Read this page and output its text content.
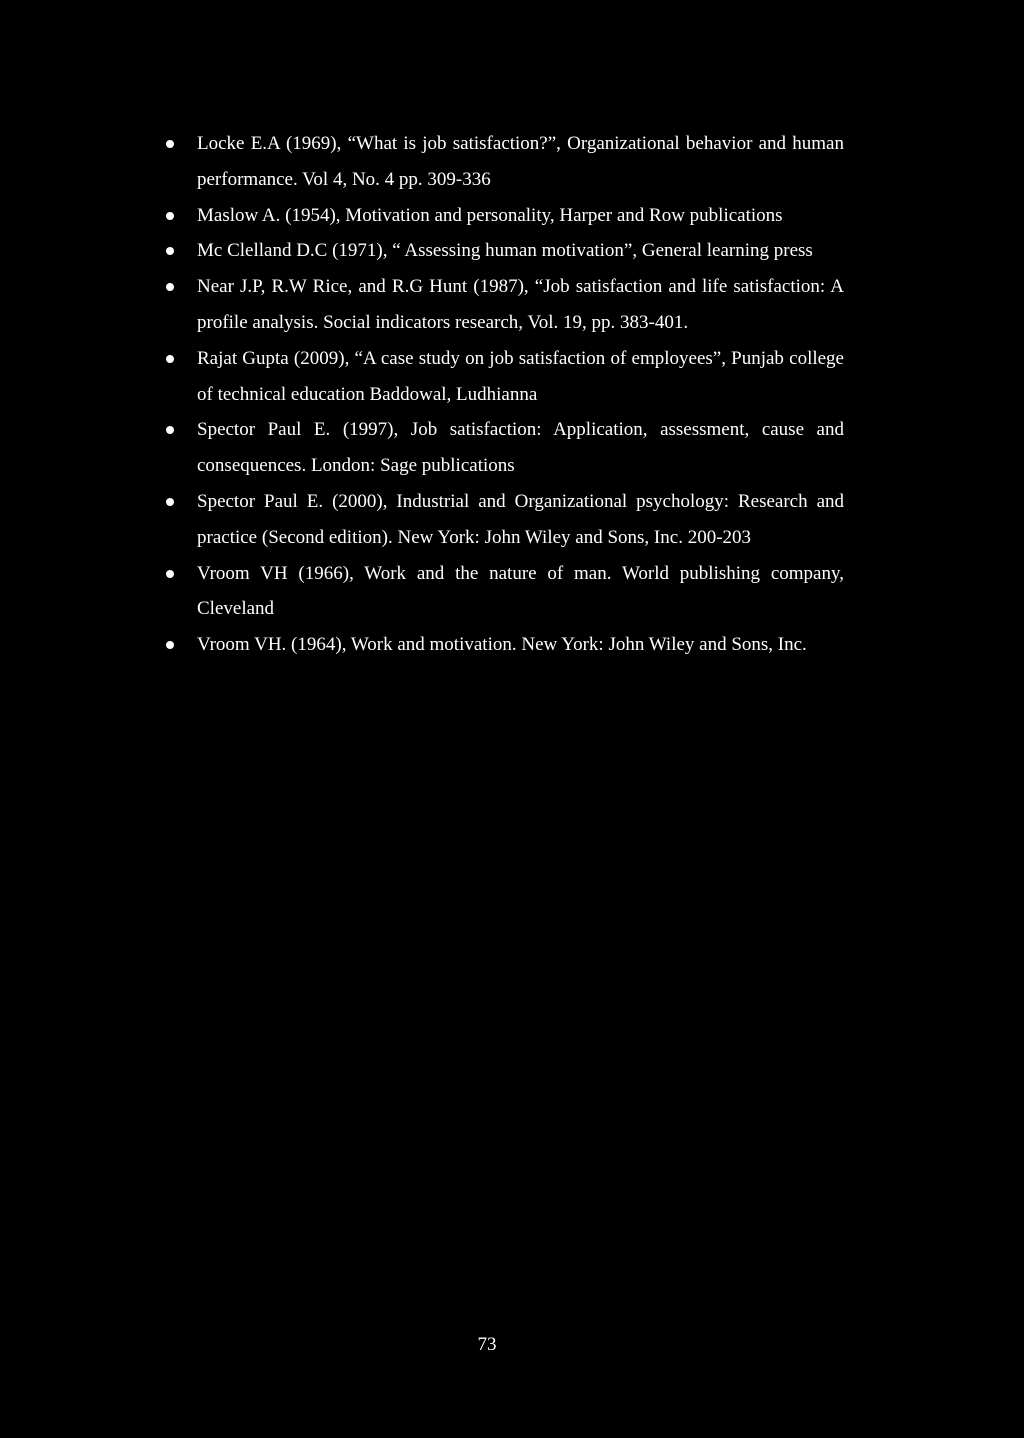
Locke E.A (1969), “What is job satisfaction?”, Organizational behavior and human performance. Vol 4, No. 4 pp. 309-336
Maslow A. (1954), Motivation and personality, Harper and Row publications
Mc Clelland D.C (1971), “ Assessing human motivation”, General learning press
Near J.P, R.W Rice, and R.G Hunt (1987), “Job satisfaction and life satisfaction: A profile analysis. Social indicators research, Vol. 19, pp. 383-401.
Rajat Gupta (2009), “A case study on job satisfaction of employees”, Punjab college of technical education Baddowal, Ludhianna
Spector Paul E. (1997), Job satisfaction: Application, assessment, cause and consequences. London: Sage publications
Spector Paul E. (2000), Industrial and Organizational psychology: Research and practice (Second edition). New York: John Wiley and Sons, Inc. 200-203
Vroom VH (1966), Work and the nature of man. World publishing company, Cleveland
Vroom VH. (1964), Work and motivation. New York: John Wiley and Sons, Inc.
73
